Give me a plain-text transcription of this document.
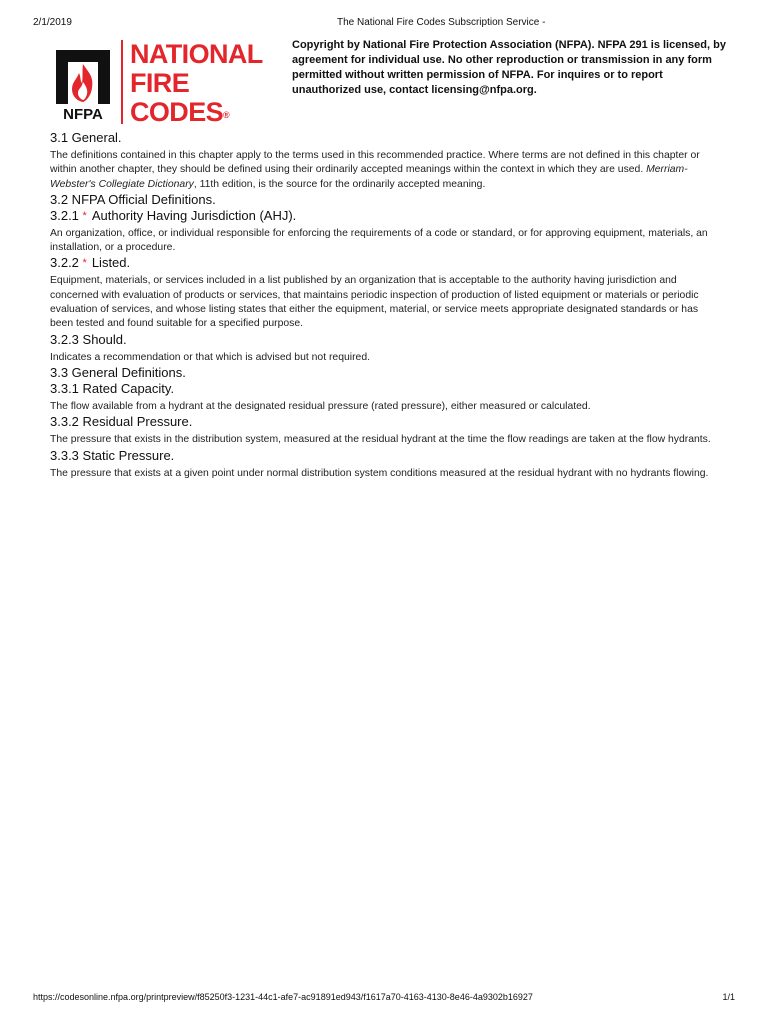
2/1/2019	The National Fire Codes Subscription Service -
NFPA
NATIONAL
FIRE CODES®
Copyright by National Fire Protection Association (NFPA). NFPA 291 is licensed, by agreement for individual use. No other reproduction or transmission in any form permitted without written permission of NFPA. For inquires or to report unauthorized use, contact licensing@nfpa.org.
3.1 General.

The definitions contained in this chapter apply to the terms used in this recommended practice. Where terms are not defined in this chapter or within another chapter, they should be defined using their ordinarily accepted meanings within the context in which they are used. Merriam-Webster's Collegiate Dictionary, 11th edition, is the source for the ordinarily accepted meaning.

3.2 NFPA Official Definitions.
3.2.1 * Authority Having Jurisdiction (AHJ).

An organization, office, or individual responsible for enforcing the requirements of a code or standard, or for approving equipment, materials, an installation, or a procedure.

3.2.2 * Listed.

Equipment, materials, or services included in a list published by an organization that is acceptable to the authority having jurisdiction and concerned with evaluation of products or services, that maintains periodic inspection of production of listed equipment or materials or periodic evaluation of services, and whose listing states that either the equipment, material, or service meets appropriate designated standards or has been tested and found suitable for a specified purpose.

3.2.3 Should.

Indicates a recommendation or that which is advised but not required.

3.3 General Definitions.
3.3.1 Rated Capacity.

The flow available from a hydrant at the designated residual pressure (rated pressure), either measured or calculated.

3.3.2 Residual Pressure.

The pressure that exists in the distribution system, measured at the residual hydrant at the time the flow readings are taken at the flow hydrants.

3.3.3 Static Pressure.

The pressure that exists at a given point under normal distribution system conditions measured at the residual hydrant with no hydrants flowing.

https://codesonline.nfpa.org/printpreview/f85250f3-1231-44c1-afe7-ac91891ed943/f1617a70-4163-4130-8e46-4a9302b16927	1/1
